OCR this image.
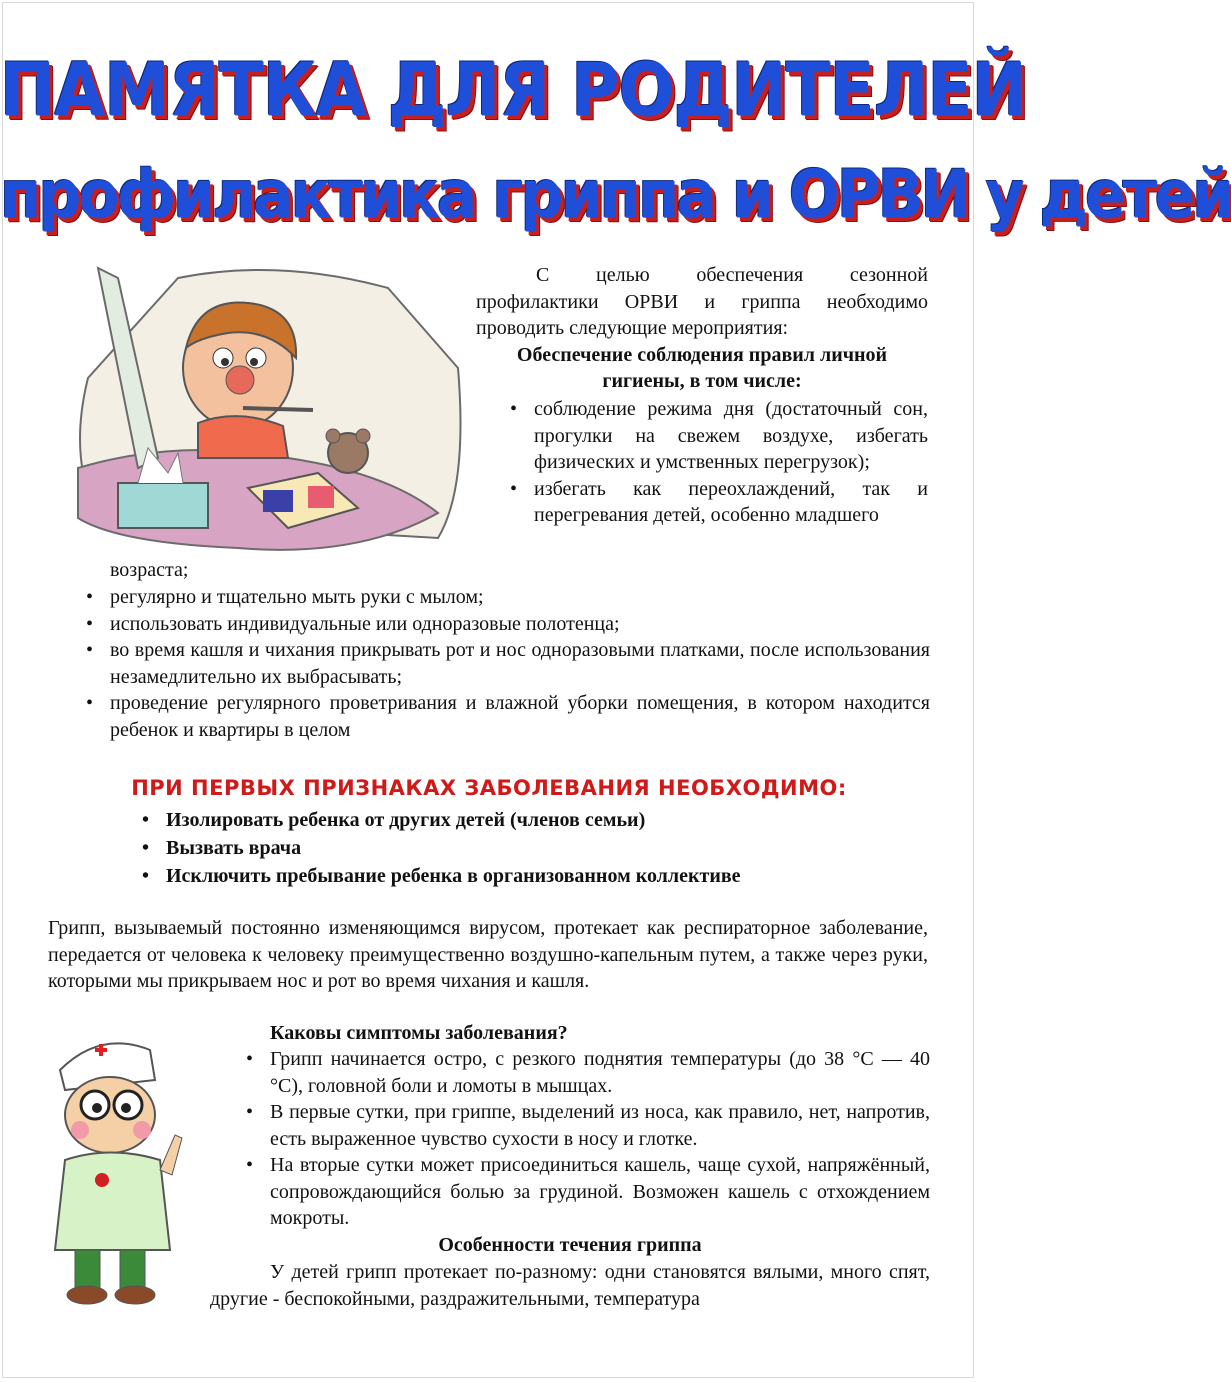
ПАМЯТКА ДЛЯ РОДИТЕЛЕЙ
профилактика гриппа и ОРВИ у детей
С целью обеспечения сезонной профилактики ОРВИ и гриппа необходимо проводить следующие мероприятия:
Обеспечение соблюдения правил личной гигиены, в том числе:
• соблюдение режима дня (достаточный сон, прогулки на свежем воздухе, избегать физических и умственных перегрузок);
• избегать как переохлаждений, так и перегревания детей, особенно младшего
возраста;
• регулярно и тщательно мыть руки с мылом;
• использовать индивидуальные или одноразовые полотенца;
• во время кашля и чихания прикрывать рот и нос одноразовыми платками, после использования незамедлительно их выбрасывать;
• проведение регулярного проветривания и влажной уборки помещения, в котором находится ребенок и квартиры в целом
ПРИ ПЕРВЫХ ПРИЗНАКАХ ЗАБОЛЕВАНИЯ НЕОБХОДИМО:
• Изолировать ребенка от других детей (членов семьи)
• Вызвать врача
• Исключить пребывание ребенка в организованном коллективе
Грипп, вызываемый постоянно изменяющимся вирусом, протекает как респираторное заболевание, передается от человека к человеку преимущественно воздушно-капельным путем, а также через руки, которыми мы прикрываем нос и рот во время чихания и кашля.
Каковы симптомы заболевания?
• Грипп начинается остро, с резкого поднятия температуры (до 38 °С — 40 °С), головной боли и ломоты в мышцах.
• В первые сутки, при гриппе, выделений из носа, как правило, нет, напротив, есть выраженное чувство сухости в носу и глотке.
• На вторые сутки может присоединиться кашель, чаще сухой, напряжённый, сопровождающийся болью за грудиной. Возможен кашель с отхождением мокроты.
Особенности течения гриппа
У детей грипп протекает по-разному: одни становятся вялыми, много спят, другие - беспокойными, раздражительными, температура
